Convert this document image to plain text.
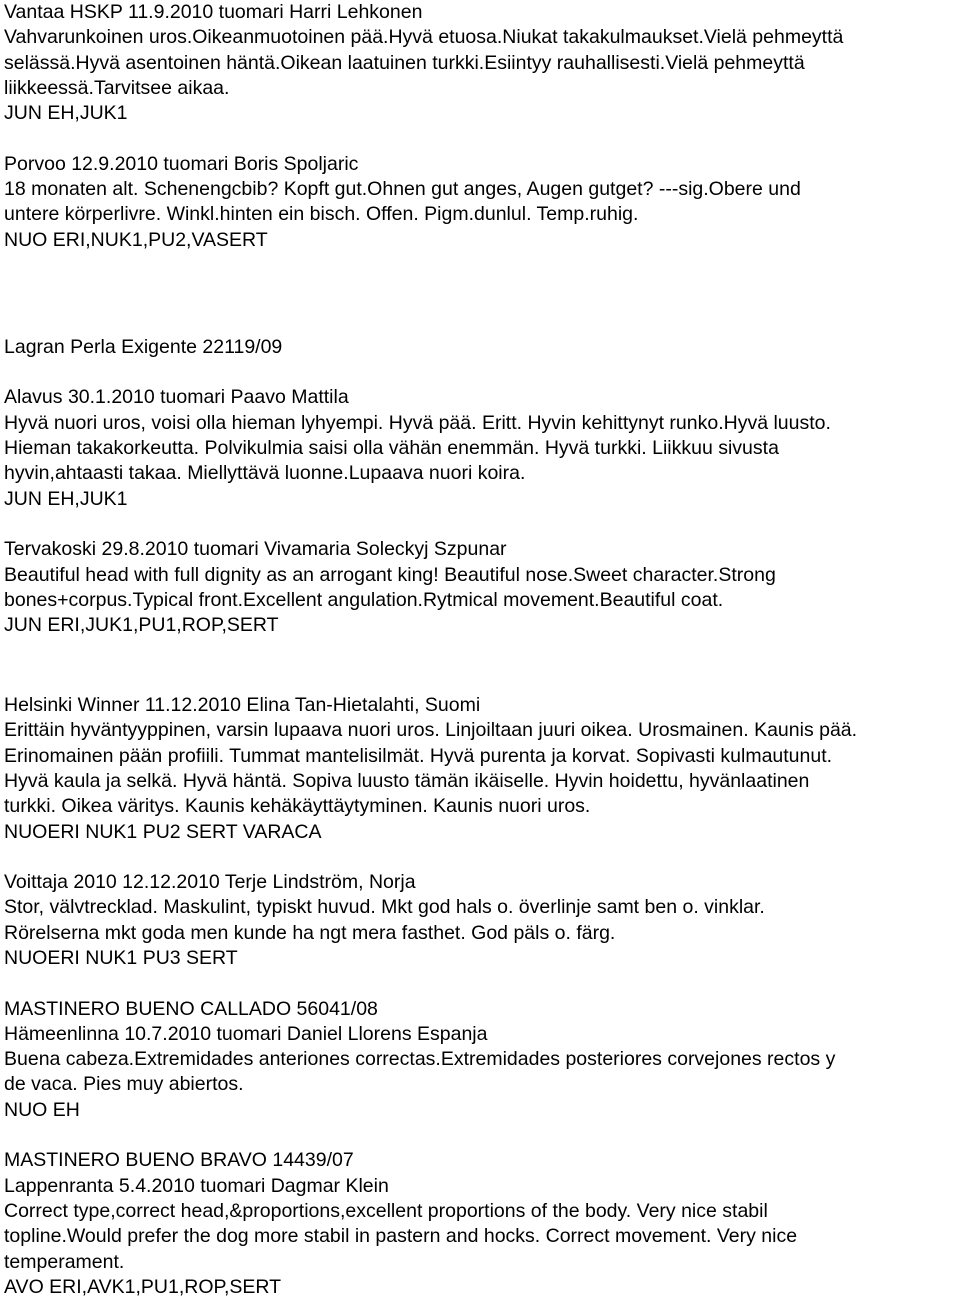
Vantaa HSKP 11.9.2010 tuomari Harri Lehkonen
Vahvarunkoinen uros.Oikeanmuotoinen pää.Hyvä etuosa.Niukat takakulmaukset.Vielä pehmeyttä
selässä.Hyvä asentoinen häntä.Oikean laatuinen turkki.Esiintyy rauhallisesti.Vielä pehmeyttä
liikkeessä.Tarvitsee aikaa.
JUN EH,JUK1
Porvoo 12.9.2010 tuomari Boris Spoljaric
18 monaten alt. Schenengcbib? Kopft gut.Ohnen gut anges, Augen gutget? ---sig.Obere und
untere körperlivre. Winkl.hinten ein bisch. Offen. Pigm.dunlul. Temp.ruhig.
NUO ERI,NUK1,PU2,VASERT
Lagran Perla Exigente 22119/09
Alavus 30.1.2010 tuomari Paavo Mattila
Hyvä nuori uros, voisi olla hieman lyhyempi. Hyvä pää. Eritt. Hyvin kehittynyt runko.Hyvä luusto.
Hieman takakorkeutta. Polvikulmia saisi olla vähän enemmän. Hyvä turkki. Liikkuu sivusta
hyvin,ahtaasti takaa. Miellyttävä luonne.Lupaava nuori koira.
JUN EH,JUK1
Tervakoski 29.8.2010 tuomari Vivamaria Soleckyj Szpunar
Beautiful head with full dignity as an arrogant king! Beautiful nose.Sweet character.Strong
bones+corpus.Typical front.Excellent angulation.Rytmical movement.Beautiful coat.
JUN ERI,JUK1,PU1,ROP,SERT
Helsinki Winner 11.12.2010 Elina Tan-Hietalahti, Suomi
Erittäin hyväntyyppinen, varsin lupaava nuori uros. Linjoiltaan juuri oikea. Urosmainen. Kaunis pää.
Erinomainen pään profiili. Tummat mantelisilmät. Hyvä purenta ja korvat. Sopivasti kulmautunut.
Hyvä kaula ja selkä. Hyvä häntä. Sopiva luusto tämän ikäiselle. Hyvin hoidettu, hyvänlaatinen
turkki. Oikea väritys. Kaunis kehäkäyttäytyminen. Kaunis nuori uros.
NUOERI NUK1 PU2 SERT VARACA
Voittaja 2010 12.12.2010 Terje Lindström, Norja
Stor, välvtrecklad. Maskulint, typiskt huvud. Mkt god hals o. överlinje samt ben o. vinklar.
Rörelserna mkt goda men kunde ha ngt mera fasthet. God päls o. färg.
NUOERI NUK1 PU3 SERT
MASTINERO BUENO CALLADO 56041/08
Hämeenlinna 10.7.2010 tuomari Daniel Llorens Espanja
Buena cabeza.Extremidades anteriones correctas.Extremidades posteriores corvejones rectos y
de vaca. Pies muy abiertos.
NUO EH
MASTINERO BUENO BRAVO 14439/07
Lappenranta 5.4.2010 tuomari Dagmar Klein
Correct type,correct head,&proportions,excellent proportions of the body. Very nice stabil
topline.Would prefer the dog more stabil in pastern and hocks. Correct movement. Very nice
temperament.
AVO ERI,AVK1,PU1,ROP,SERT
